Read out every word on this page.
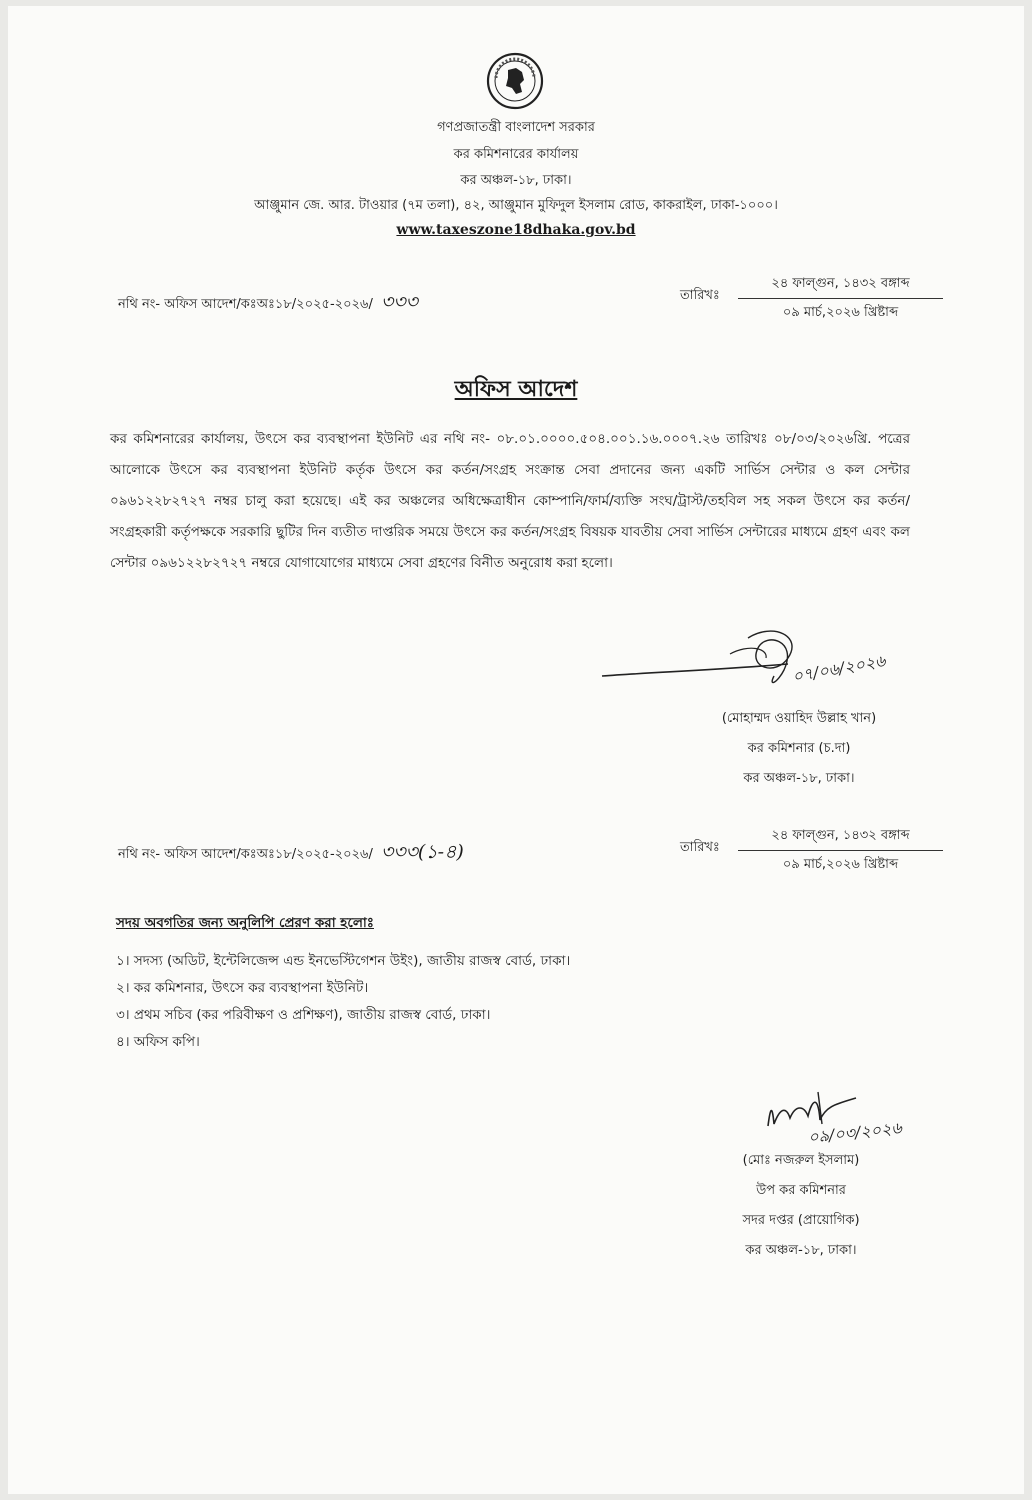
গণপ্রজাতন্ত্রী বাংলাদেশ সরকার
কর কমিশনারের কার্যালয়
কর অঞ্চল-১৮, ঢাকা।
আঞ্জুমান জে. আর. টাওয়ার (৭ম তলা), ৪২, আঞ্জুমান মুফিদুল ইসলাম রোড, কাকরাইল, ঢাকা-১০০০।
www.taxeszone18dhaka.gov.bd
নথি নং- অফিস আদেশ/কঃঅঃ১৮/২০২৫-২০২৬/ ৩৩৩	তারিখঃ
২৪ ফাল্গুন, ১৪৩২ বঙ্গাব্দ
০৯ মার্চ,২০২৬ খ্রিষ্টাব্দ
অফিস আদেশ

কর কমিশনারের কার্যালয়, উৎসে কর ব্যবস্থাপনা ইউনিট এর নথি নং- ০৮.০১.০০০০.৫০৪.০০১.১৬.০০০৭.২৬ তারিখঃ ০৮/০৩/২০২৬খ্রি. পত্রের আলোকে উৎসে কর ব্যবস্থাপনা ইউনিট কর্তৃক উৎসে কর কর্তন/সংগ্রহ সংক্রান্ত সেবা প্রদানের জন্য একটি সার্ভিস সেন্টার ও কল সেন্টার ০৯৬১২২৮২৭২৭ নম্বর চালু করা হয়েছে। এই কর অঞ্চলের অধিক্ষেত্রাধীন কোম্পানি/ফার্ম/ব্যক্তি সংঘ/ট্রাস্ট/তহবিল সহ সকল উৎসে কর কর্তন/সংগ্রহকারী কর্তৃপক্ষকে সরকারি ছুটির দিন ব্যতীত দাপ্তরিক সময়ে উৎসে কর কর্তন/সংগ্রহ বিষয়ক যাবতীয় সেবা সার্ভিস সেন্টারের মাধ্যমে গ্রহণ এবং কল সেন্টার ০৯৬১২২৮২৭২৭ নম্বরে যোগাযোগের মাধ্যমে সেবা গ্রহণের বিনীত অনুরোধ করা হলো।

০৭/০৬/২০২৬
(মোহাম্মদ ওয়াহিদ উল্লাহ খান)
কর কমিশনার (চ.দা)
কর অঞ্চল-১৮, ঢাকা।
নথি নং- অফিস আদেশ/কঃঅঃ১৮/২০২৫-২০২৬/ ৩৩৩(১-৪)	তারিখঃ
২৪ ফাল্গুন, ১৪৩২ বঙ্গাব্দ
০৯ মার্চ,২০২৬ খ্রিষ্টাব্দ
সদয় অবগতির জন্য অনুলিপি প্রেরণ করা হলোঃ
১। সদস্য (অডিট, ইন্টেলিজেন্স এন্ড ইনভেস্টিগেশন উইং), জাতীয় রাজস্ব বোর্ড, ঢাকা।
২। কর কমিশনার, উৎসে কর ব্যবস্থাপনা ইউনিট।
৩। প্রথম সচিব (কর পরিবীক্ষণ ও প্রশিক্ষণ), জাতীয় রাজস্ব বোর্ড, ঢাকা।
৪। অফিস কপি।
০৯/০৩/২০২৬
(মোঃ নজরুল ইসলাম)
উপ কর কমিশনার
সদর দপ্তর (প্রায়োগিক)
কর অঞ্চল-১৮, ঢাকা।
